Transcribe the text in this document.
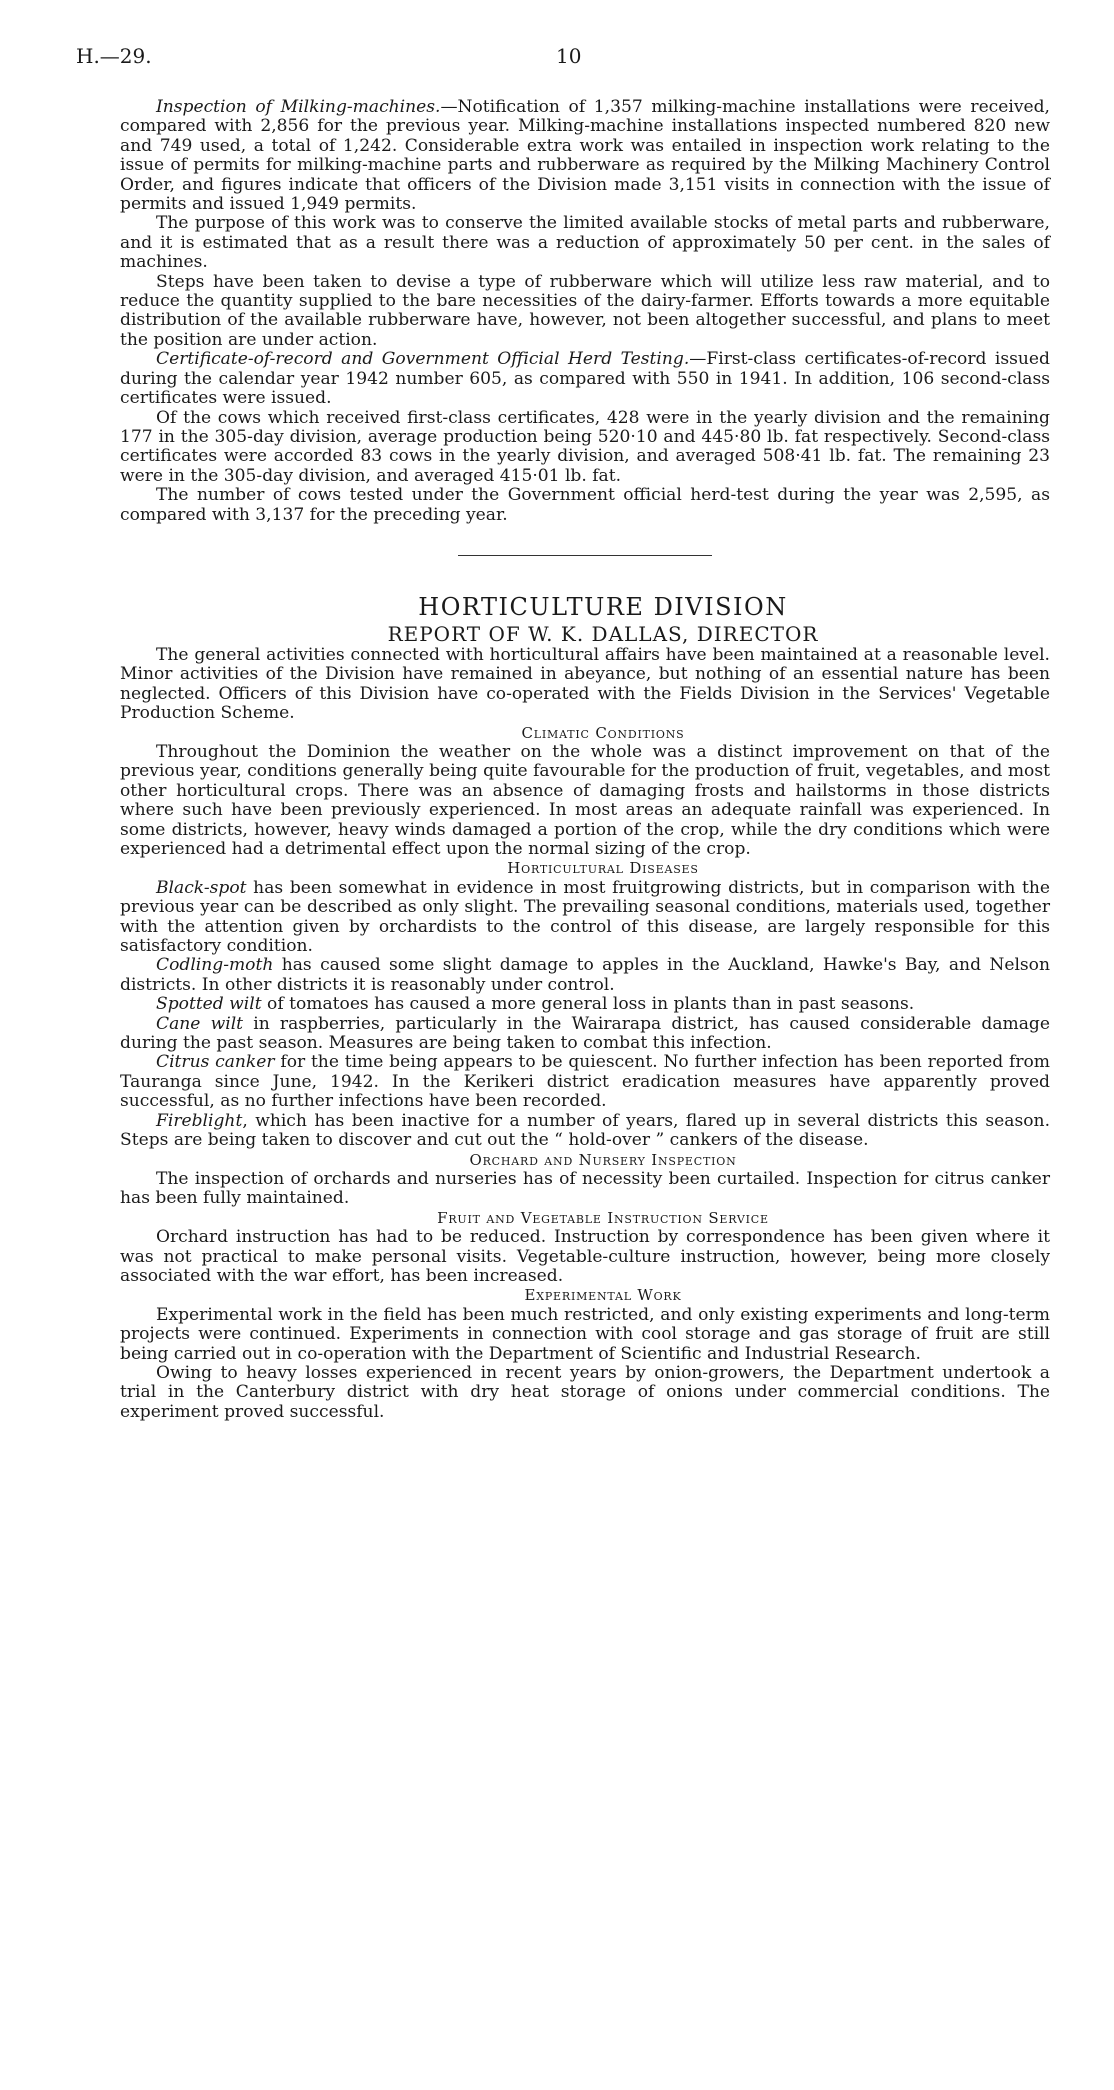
H.—29.	10

Inspection of Milking-machines.—Notification of 1,357 milking-machine installations were received, compared with 2,856 for the previous year. Milking-machine installations inspected numbered 820 new and 749 used, a total of 1,242. Considerable extra work was entailed in inspection work relating to the issue of permits for milking-machine parts and rubberware as required by the Milking Machinery Control Order, and figures indicate that officers of the Division made 3,151 visits in connection with the issue of permits and issued 1,949 permits.

The purpose of this work was to conserve the limited available stocks of metal parts and rubberware, and it is estimated that as a result there was a reduction of approximately 50 per cent. in the sales of machines.

Steps have been taken to devise a type of rubberware which will utilize less raw material, and to reduce the quantity supplied to the bare necessities of the dairy-farmer. Efforts towards a more equitable distribution of the available rubberware have, however, not been altogether successful, and plans to meet the position are under action.

Certificate-of-record and Government Official Herd Testing.—First-class certificates-of-record issued during the calendar year 1942 number 605, as compared with 550 in 1941. In addition, 106 second-class certificates were issued.

Of the cows which received first-class certificates, 428 were in the yearly division and the remaining 177 in the 305-day division, average production being 520·10 and 445·80 lb. fat respectively. Second-class certificates were accorded 83 cows in the yearly division, and averaged 508·41 lb. fat. The remaining 23 were in the 305-day division, and averaged 415·01 lb. fat.

The number of cows tested under the Government official herd-test during the year was 2,595, as compared with 3,137 for the preceding year.

HORTICULTURE DIVISION

REPORT OF W. K. DALLAS, DIRECTOR

The general activities connected with horticultural affairs have been maintained at a reasonable level. Minor activities of the Division have remained in abeyance, but nothing of an essential nature has been neglected. Officers of this Division have co-operated with the Fields Division in the Services' Vegetable Production Scheme.

Climatic Conditions

Throughout the Dominion the weather on the whole was a distinct improvement on that of the previous year, conditions generally being quite favourable for the production of fruit, vegetables, and most other horticultural crops. There was an absence of damaging frosts and hailstorms in those districts where such have been previously experienced. In most areas an adequate rainfall was experienced. In some districts, however, heavy winds damaged a portion of the crop, while the dry conditions which were experienced had a detrimental effect upon the normal sizing of the crop.

Horticultural Diseases

Black-spot has been somewhat in evidence in most fruitgrowing districts, but in comparison with the previous year can be described as only slight. The prevailing seasonal conditions, materials used, together with the attention given by orchardists to the control of this disease, are largely responsible for this satisfactory condition.

Codling-moth has caused some slight damage to apples in the Auckland, Hawke's Bay, and Nelson districts. In other districts it is reasonably under control.

Spotted wilt of tomatoes has caused a more general loss in plants than in past seasons.

Cane wilt in raspberries, particularly in the Wairarapa district, has caused considerable damage during the past season. Measures are being taken to combat this infection.

Citrus canker for the time being appears to be quiescent. No further infection has been reported from Tauranga since June, 1942. In the Kerikeri district eradication measures have apparently proved successful, as no further infections have been recorded.

Fireblight, which has been inactive for a number of years, flared up in several districts this season. Steps are being taken to discover and cut out the “ hold-over ” cankers of the disease.

Orchard and Nursery Inspection

The inspection of orchards and nurseries has of necessity been curtailed. Inspection for citrus canker has been fully maintained.

Fruit and Vegetable Instruction Service

Orchard instruction has had to be reduced. Instruction by correspondence has been given where it was not practical to make personal visits. Vegetable-culture instruction, however, being more closely associated with the war effort, has been increased.

Experimental Work

Experimental work in the field has been much restricted, and only existing experiments and long-term projects were continued. Experiments in connection with cool storage and gas storage of fruit are still being carried out in co-operation with the Department of Scientific and Industrial Research.

Owing to heavy losses experienced in recent years by onion-growers, the Department undertook a trial in the Canterbury district with dry heat storage of onions under commercial conditions. The experiment proved successful.
